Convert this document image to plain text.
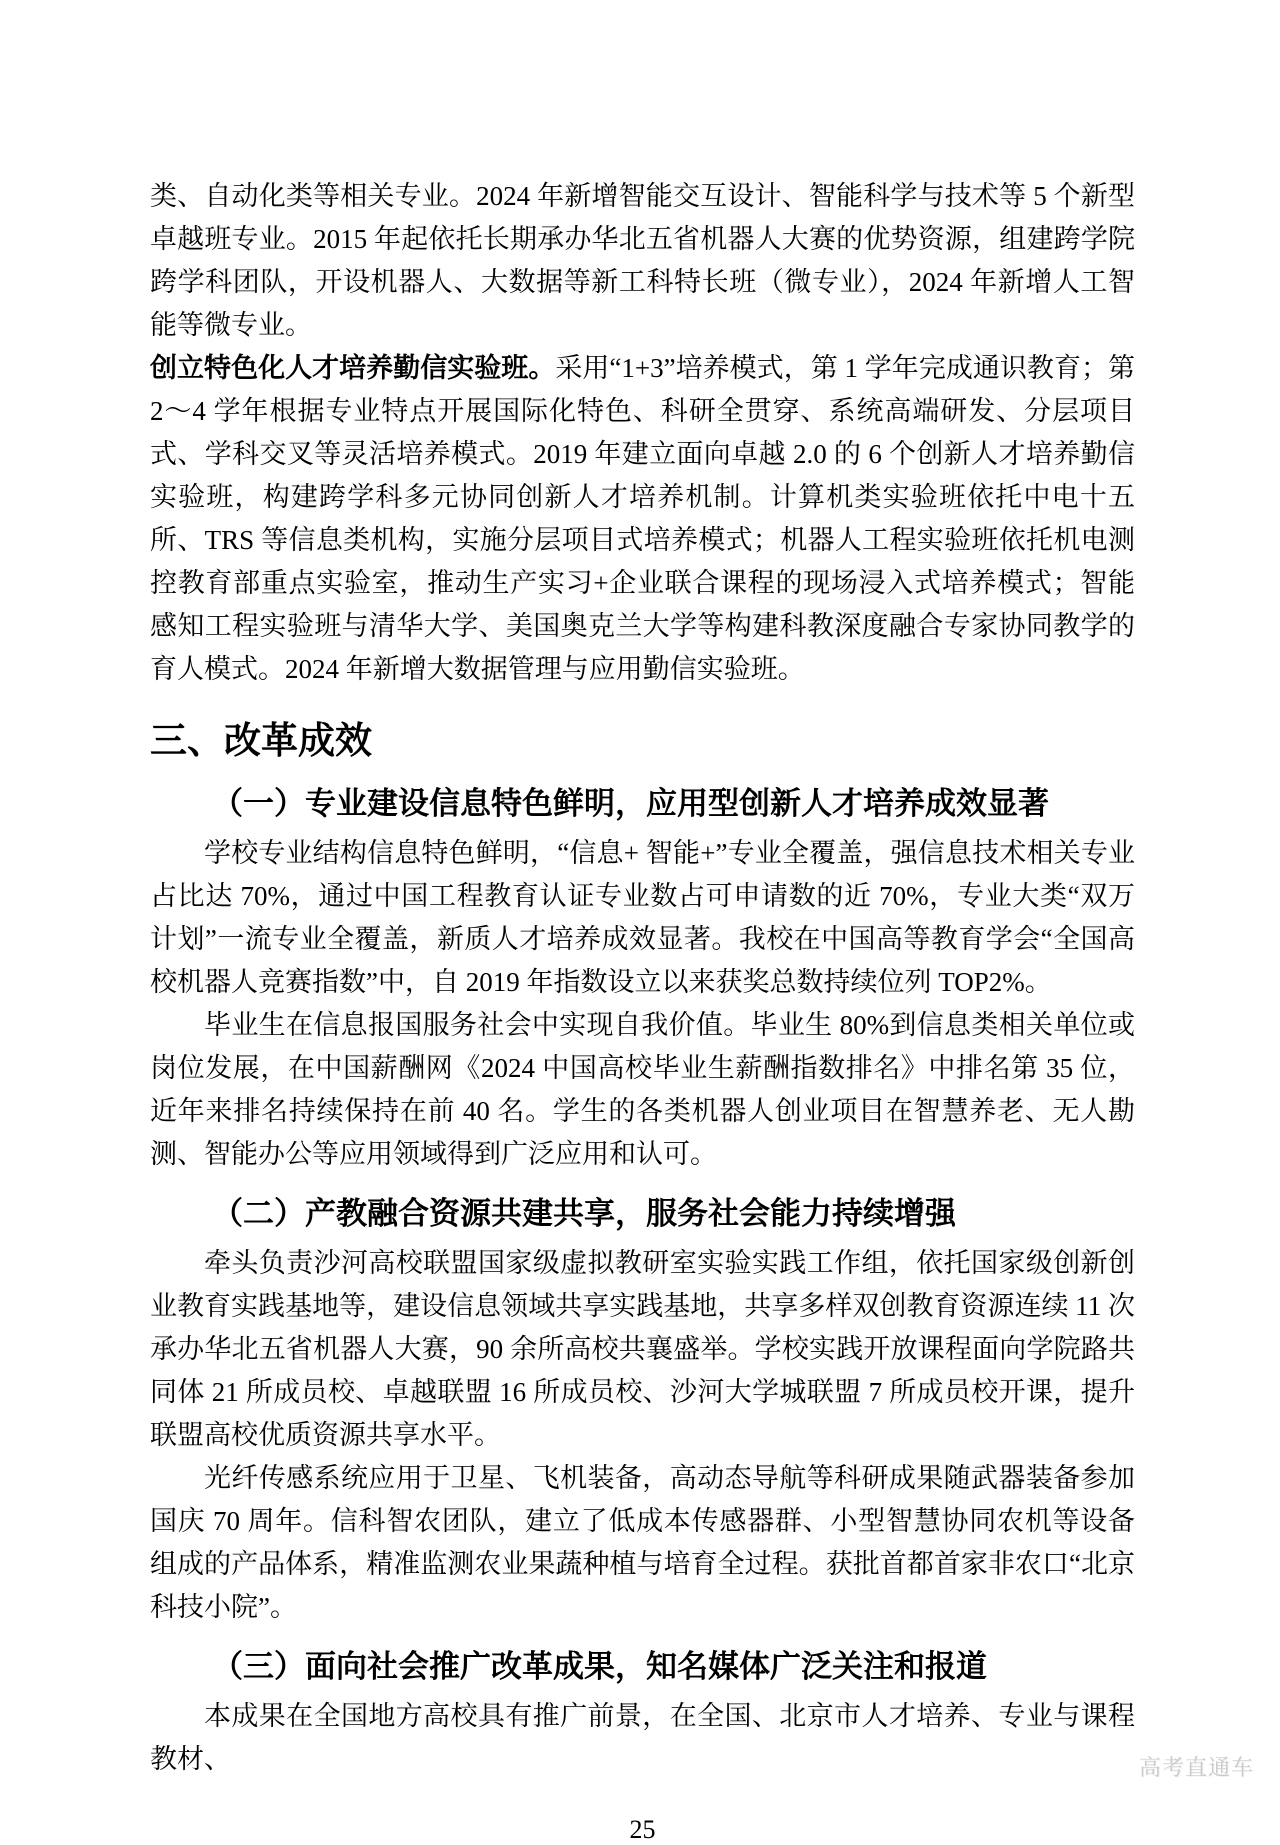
类、自动化类等相关专业。2024 年新增智能交互设计、智能科学与技术等 5 个新型卓越班专业。2015 年起依托长期承办华北五省机器人大赛的优势资源，组建跨学院跨学科团队，开设机器人、大数据等新工科特长班（微专业），2024 年新增人工智能等微专业。

创立特色化人才培养勤信实验班。采用“1+3”培养模式，第 1 学年完成通识教育；第 2～4 学年根据专业特点开展国际化特色、科研全贯穿、系统高端研发、分层项目式、学科交叉等灵活培养模式。2019 年建立面向卓越 2.0 的 6 个创新人才培养勤信实验班，构建跨学科多元协同创新人才培养机制。计算机类实验班依托中电十五所、TRS 等信息类机构，实施分层项目式培养模式；机器人工程实验班依托机电测控教育部重点实验室，推动生产实习+企业联合课程的现场浸入式培养模式；智能感知工程实验班与清华大学、美国奥克兰大学等构建科教深度融合专家协同教学的育人模式。2024 年新增大数据管理与应用勤信实验班。

三、改革成效
（一）专业建设信息特色鲜明，应用型创新人才培养成效显著

学校专业结构信息特色鲜明，“信息+ 智能+”专业全覆盖，强信息技术相关专业占比达 70%，通过中国工程教育认证专业数占可申请数的近 70%，专业大类“双万计划”一流专业全覆盖，新质人才培养成效显著。我校在中国高等教育学会“全国高校机器人竞赛指数”中，自 2019 年指数设立以来获奖总数持续位列 TOP2%。

毕业生在信息报国服务社会中实现自我价值。毕业生 80%到信息类相关单位或岗位发展，在中国薪酬网《2024 中国高校毕业生薪酬指数排名》中排名第 35 位，近年来排名持续保持在前 40 名。学生的各类机器人创业项目在智慧养老、无人勘测、智能办公等应用领域得到广泛应用和认可。

（二）产教融合资源共建共享，服务社会能力持续增强

牵头负责沙河高校联盟国家级虚拟教研室实验实践工作组，依托国家级创新创业教育实践基地等，建设信息领域共享实践基地，共享多样双创教育资源连续 11 次承办华北五省机器人大赛，90 余所高校共襄盛举。学校实践开放课程面向学院路共同体 21 所成员校、卓越联盟 16 所成员校、沙河大学城联盟 7 所成员校开课，提升联盟高校优质资源共享水平。

光纤传感系统应用于卫星、飞机装备，高动态导航等科研成果随武器装备参加国庆 70 周年。信科智农团队，建立了低成本传感器群、小型智慧协同农机等设备组成的产品体系，精准监测农业果蔬种植与培育全过程。获批首都首家非农口“北京科技小院”。

（三）面向社会推广改革成果，知名媒体广泛关注和报道

本成果在全国地方高校具有推广前景，在全国、北京市人才培养、专业与课程教材、

25
高考直通车
